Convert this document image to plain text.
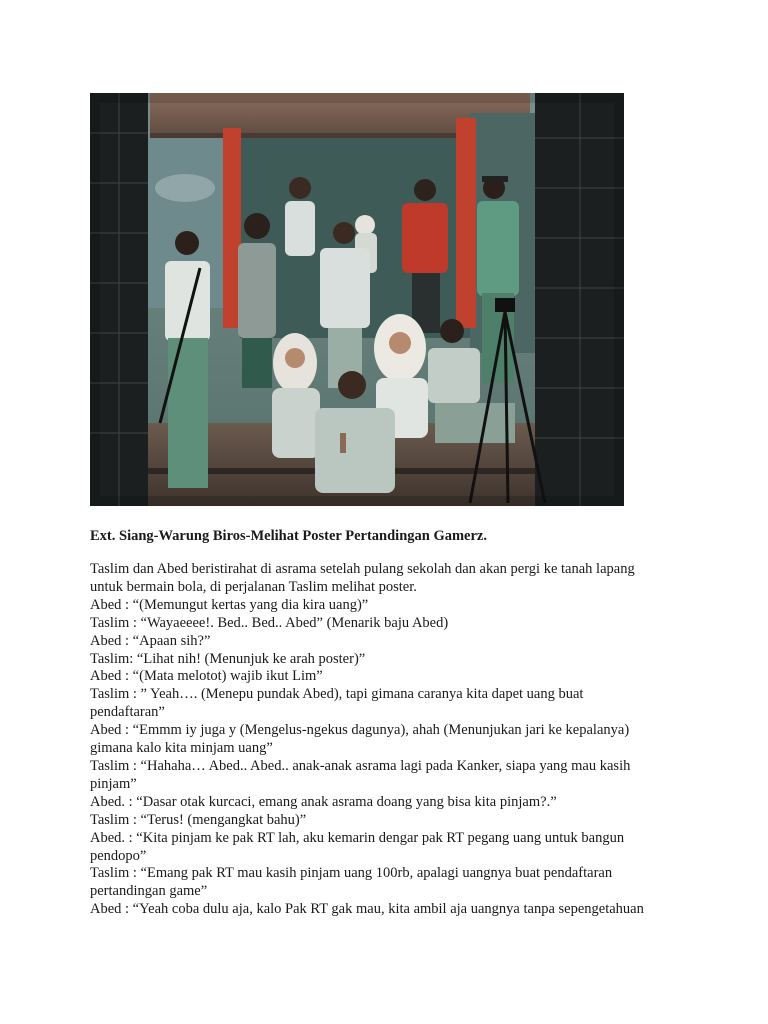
Ext. Siang-Warung Biros-Melihat Poster Pertandingan Gamerz.
Taslim dan Abed beristirahat di asrama setelah pulang sekolah dan akan pergi ke tanah lapang
untuk bermain bola, di perjalanan Taslim melihat poster.
Abed : “(Memungut kertas yang dia kira uang)”
Taslim : “Wayaeeee!. Bed.. Bed.. Abed” (Menarik baju Abed)
Abed : “Apaan sih?”
Taslim: “Lihat nih! (Menunjuk ke arah poster)”
Abed : “(Mata melotot) wajib ikut Lim”
Taslim : ” Yeah…. (Menepu pundak Abed), tapi gimana caranya kita dapet uang buat
pendaftaran”
Abed : “Emmm iy juga y (Mengelus-ngekus dagunya), ahah (Menunjukan jari ke kepalanya)
gimana kalo kita minjam uang”
Taslim : “Hahaha… Abed.. Abed.. anak-anak asrama lagi pada Kanker, siapa yang mau kasih
pinjam”
Abed. : “Dasar otak kurcaci, emang anak asrama doang yang bisa kita pinjam?.”
Taslim : “Terus! (mengangkat bahu)”
Abed. : “Kita pinjam ke pak RT lah, aku kemarin dengar pak RT pegang uang untuk bangun
pendopo”
Taslim : “Emang pak RT mau kasih pinjam uang 100rb, apalagi uangnya buat pendaftaran
pertandingan game”
Abed : “Yeah coba dulu aja, kalo Pak RT gak mau, kita ambil aja uangnya tanpa sepengetahuan
